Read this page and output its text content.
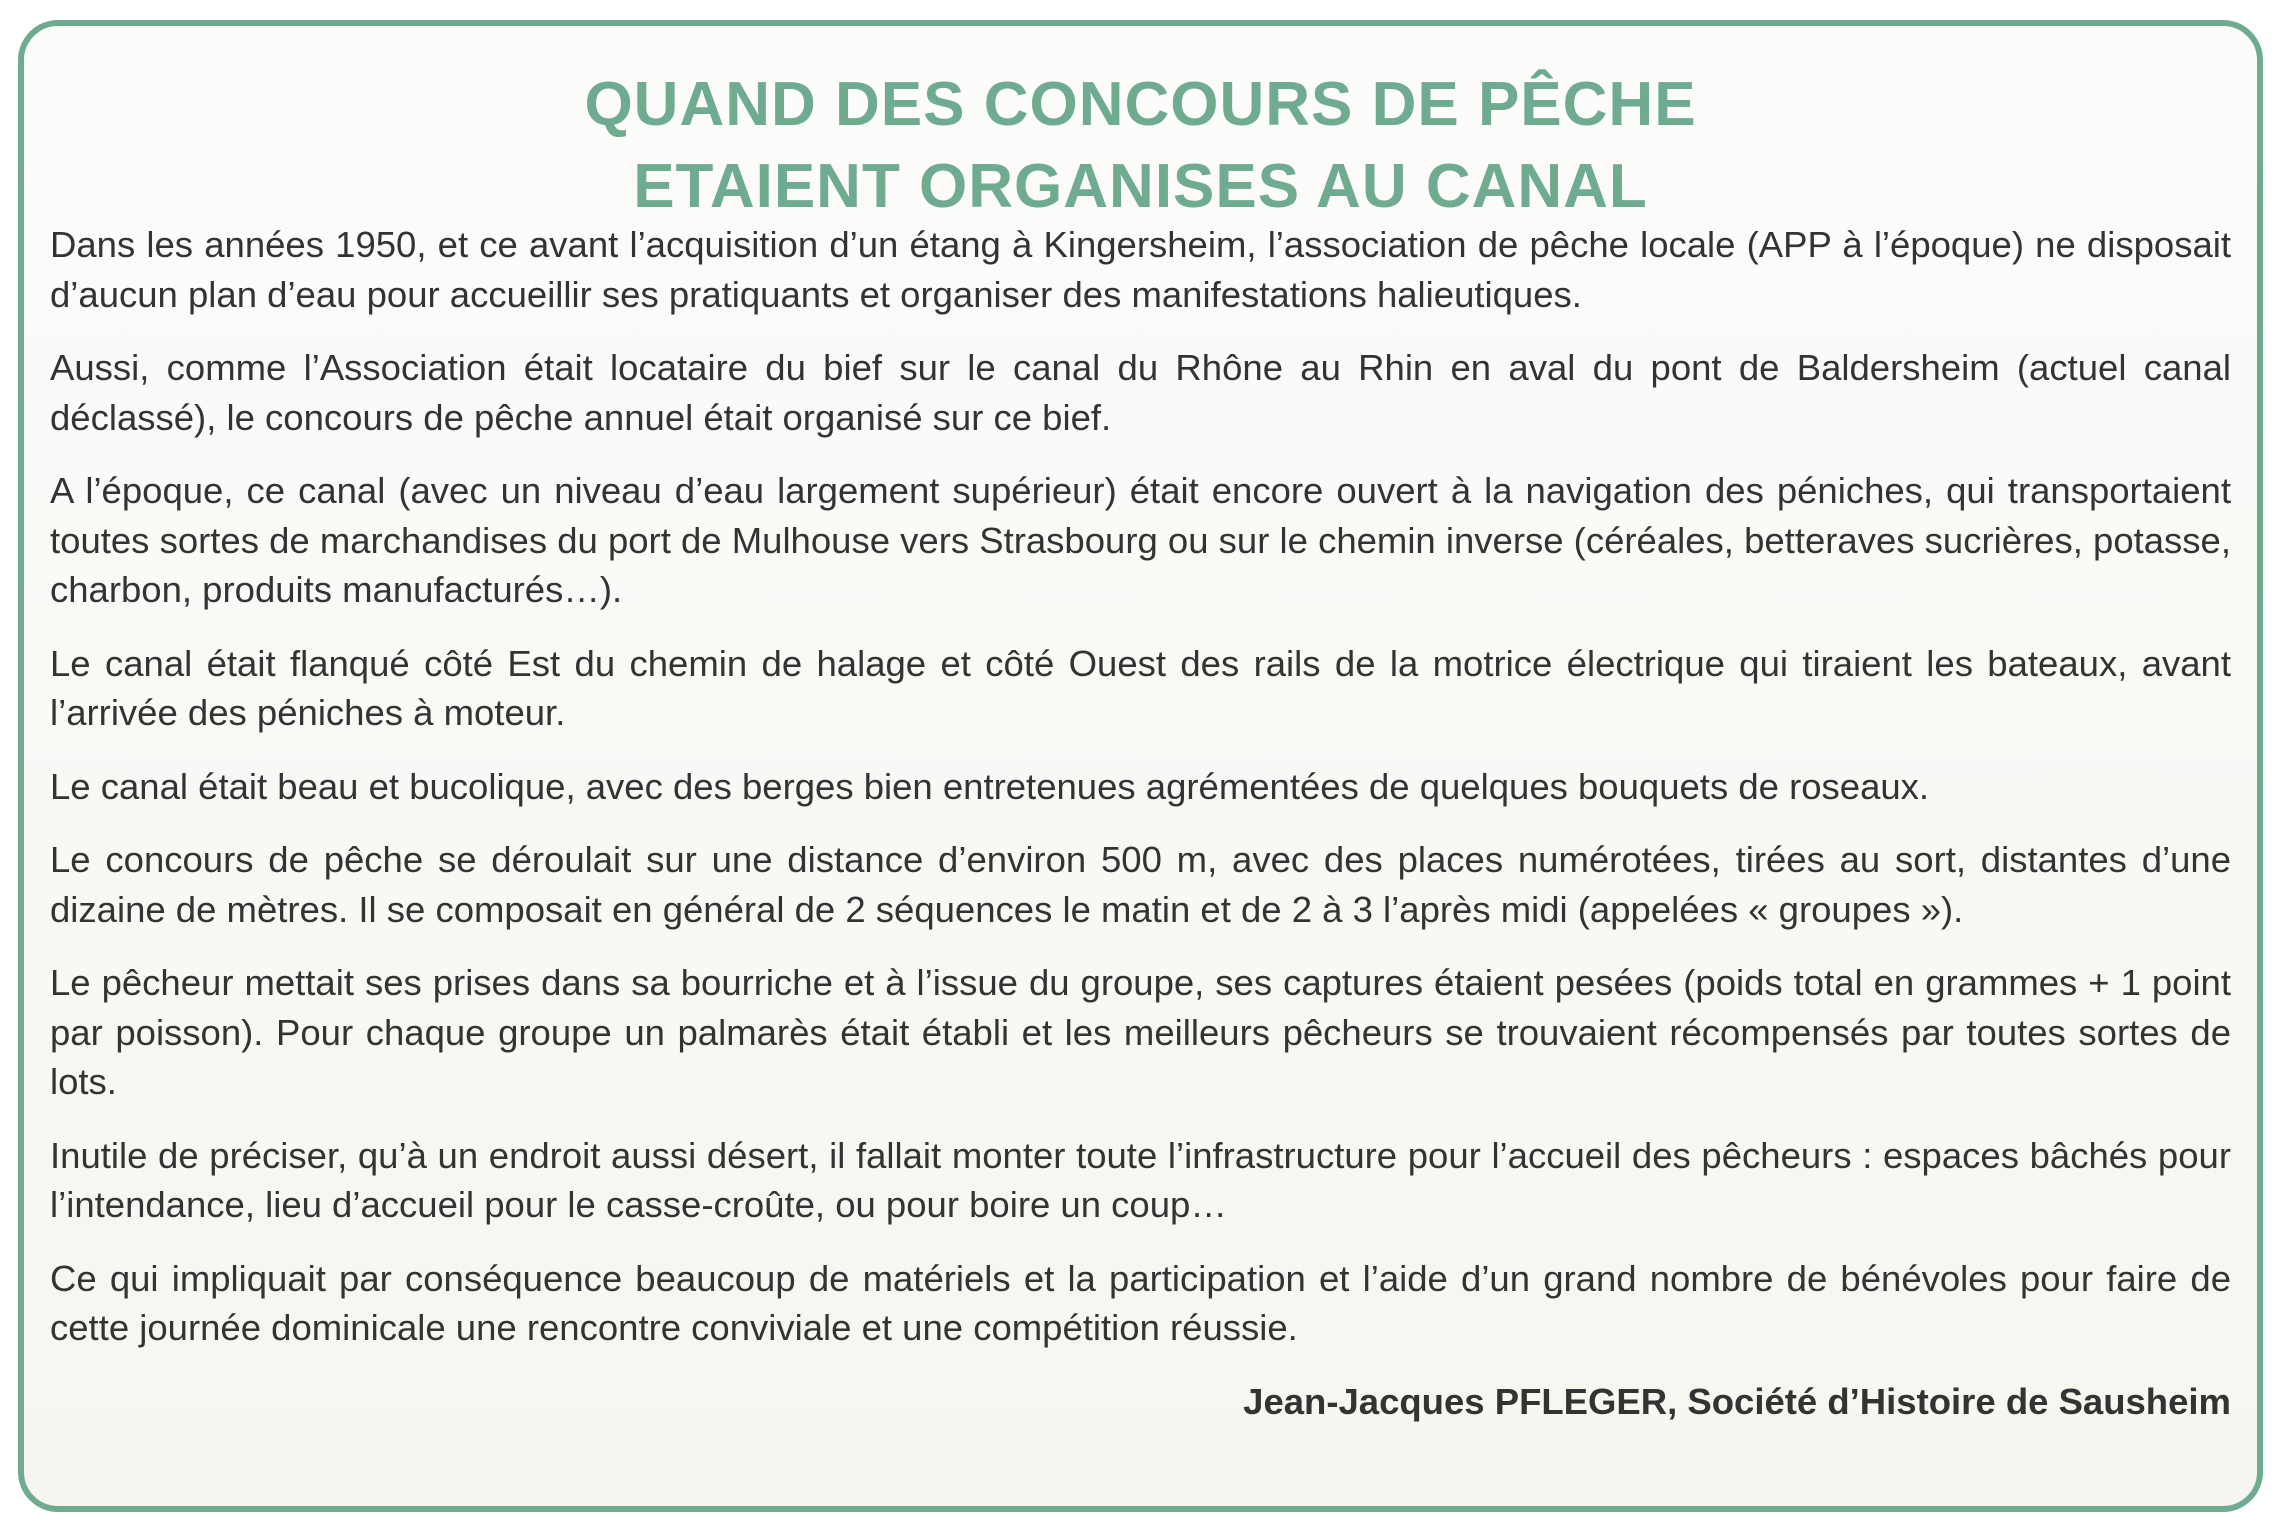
QUAND DES CONCOURS DE PÊCHE
ETAIENT ORGANISES AU CANAL

Dans les années 1950, et ce avant l’acquisition d’un étang à Kingersheim, l’association de pêche locale (APP à l’époque) ne disposait d’aucun plan d’eau pour accueillir ses pratiquants et organiser des manifestations halieutiques.

Aussi, comme l’Association était locataire du bief sur le canal du Rhône au Rhin en aval du pont de Baldersheim (actuel canal déclassé), le concours de pêche annuel était organisé sur ce bief.

A l’époque, ce canal (avec un niveau d’eau largement supérieur) était encore ouvert à la navigation des péniches, qui transportaient toutes sortes de marchandises du port de Mulhouse vers Strasbourg ou sur le chemin inverse (céréales, betteraves sucrières, potasse, charbon, produits manufacturés…).

Le canal était flanqué côté Est du chemin de halage et côté Ouest des rails de la motrice électrique qui tiraient les bateaux, avant l’arrivée des péniches à moteur.

Le canal était beau et bucolique, avec des berges bien entretenues agrémentées de quelques bouquets de roseaux.

Le concours de pêche se déroulait sur une distance d’environ 500 m, avec des places numérotées, tirées au sort, distantes d’une dizaine de mètres. Il se composait en général de 2 séquences le matin et de 2 à 3 l’après midi (appelées « groupes »).

Le pêcheur mettait ses prises dans sa bourriche et à l’issue du groupe, ses captures étaient pesées (poids total en grammes + 1 point par poisson). Pour chaque groupe un palmarès était établi et les meilleurs pêcheurs se trouvaient récompensés par toutes sortes de lots.

Inutile de préciser, qu’à un endroit aussi désert, il fallait monter toute l’infrastructure pour l’accueil des pêcheurs : espaces bâchés pour l’intendance, lieu d’accueil pour le casse-croûte, ou pour boire un coup…

Ce qui impliquait par conséquence beaucoup de matériels et la participation et l’aide d’un grand nombre de bénévoles pour faire de cette journée dominicale une rencontre conviviale et une compétition réussie.

Jean-Jacques PFLEGER, Société d’Histoire de Sausheim
